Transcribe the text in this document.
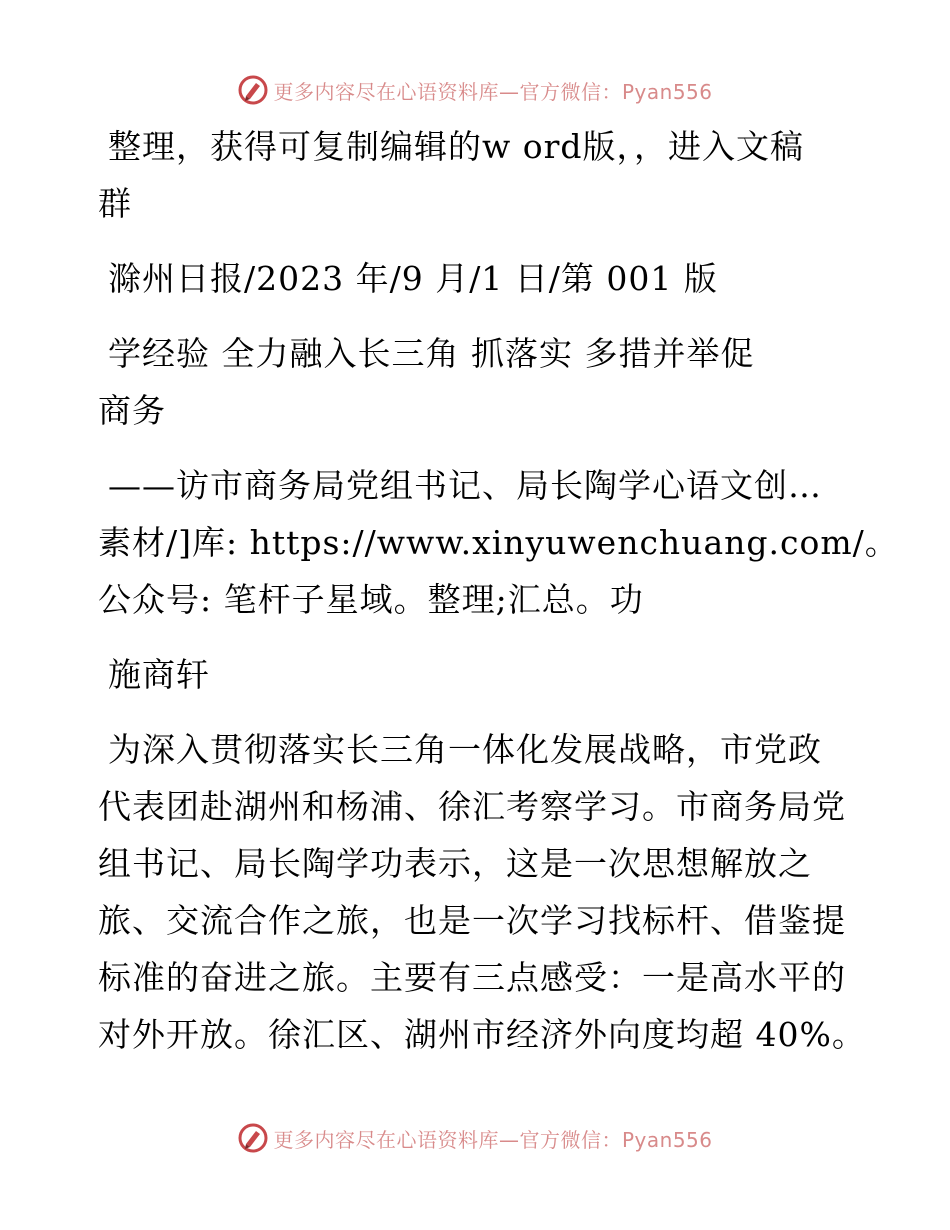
更多内容尽在心语资料库—官方微信：Pyan556
整理，获得可复制编辑的w ord版，，进入文稿
群
滁州日报/2023 年/9 月/1 日/第 001 版
学经验 全力融入长三角 抓落实 多措并举促
商务
——访市商务局党组书记、局长陶学心语文创…
素材/]库: https://www.xinyuwenchuang.com/。
公众号: 笔杆子星域。整理;汇总。功
施商轩
为深入贯彻落实长三角一体化发展战略，市党政
代表团赴湖州和杨浦、徐汇考察学习。市商务局党
组书记、局长陶学功表示，这是一次思想解放之
旅、交流合作之旅，也是一次学习找标杆、借鉴提
标准的奋进之旅。主要有三点感受：一是高水平的
对外开放。徐汇区、湖州市经济外向度均超 40%。
更多内容尽在心语资料库—官方微信：Pyan556
